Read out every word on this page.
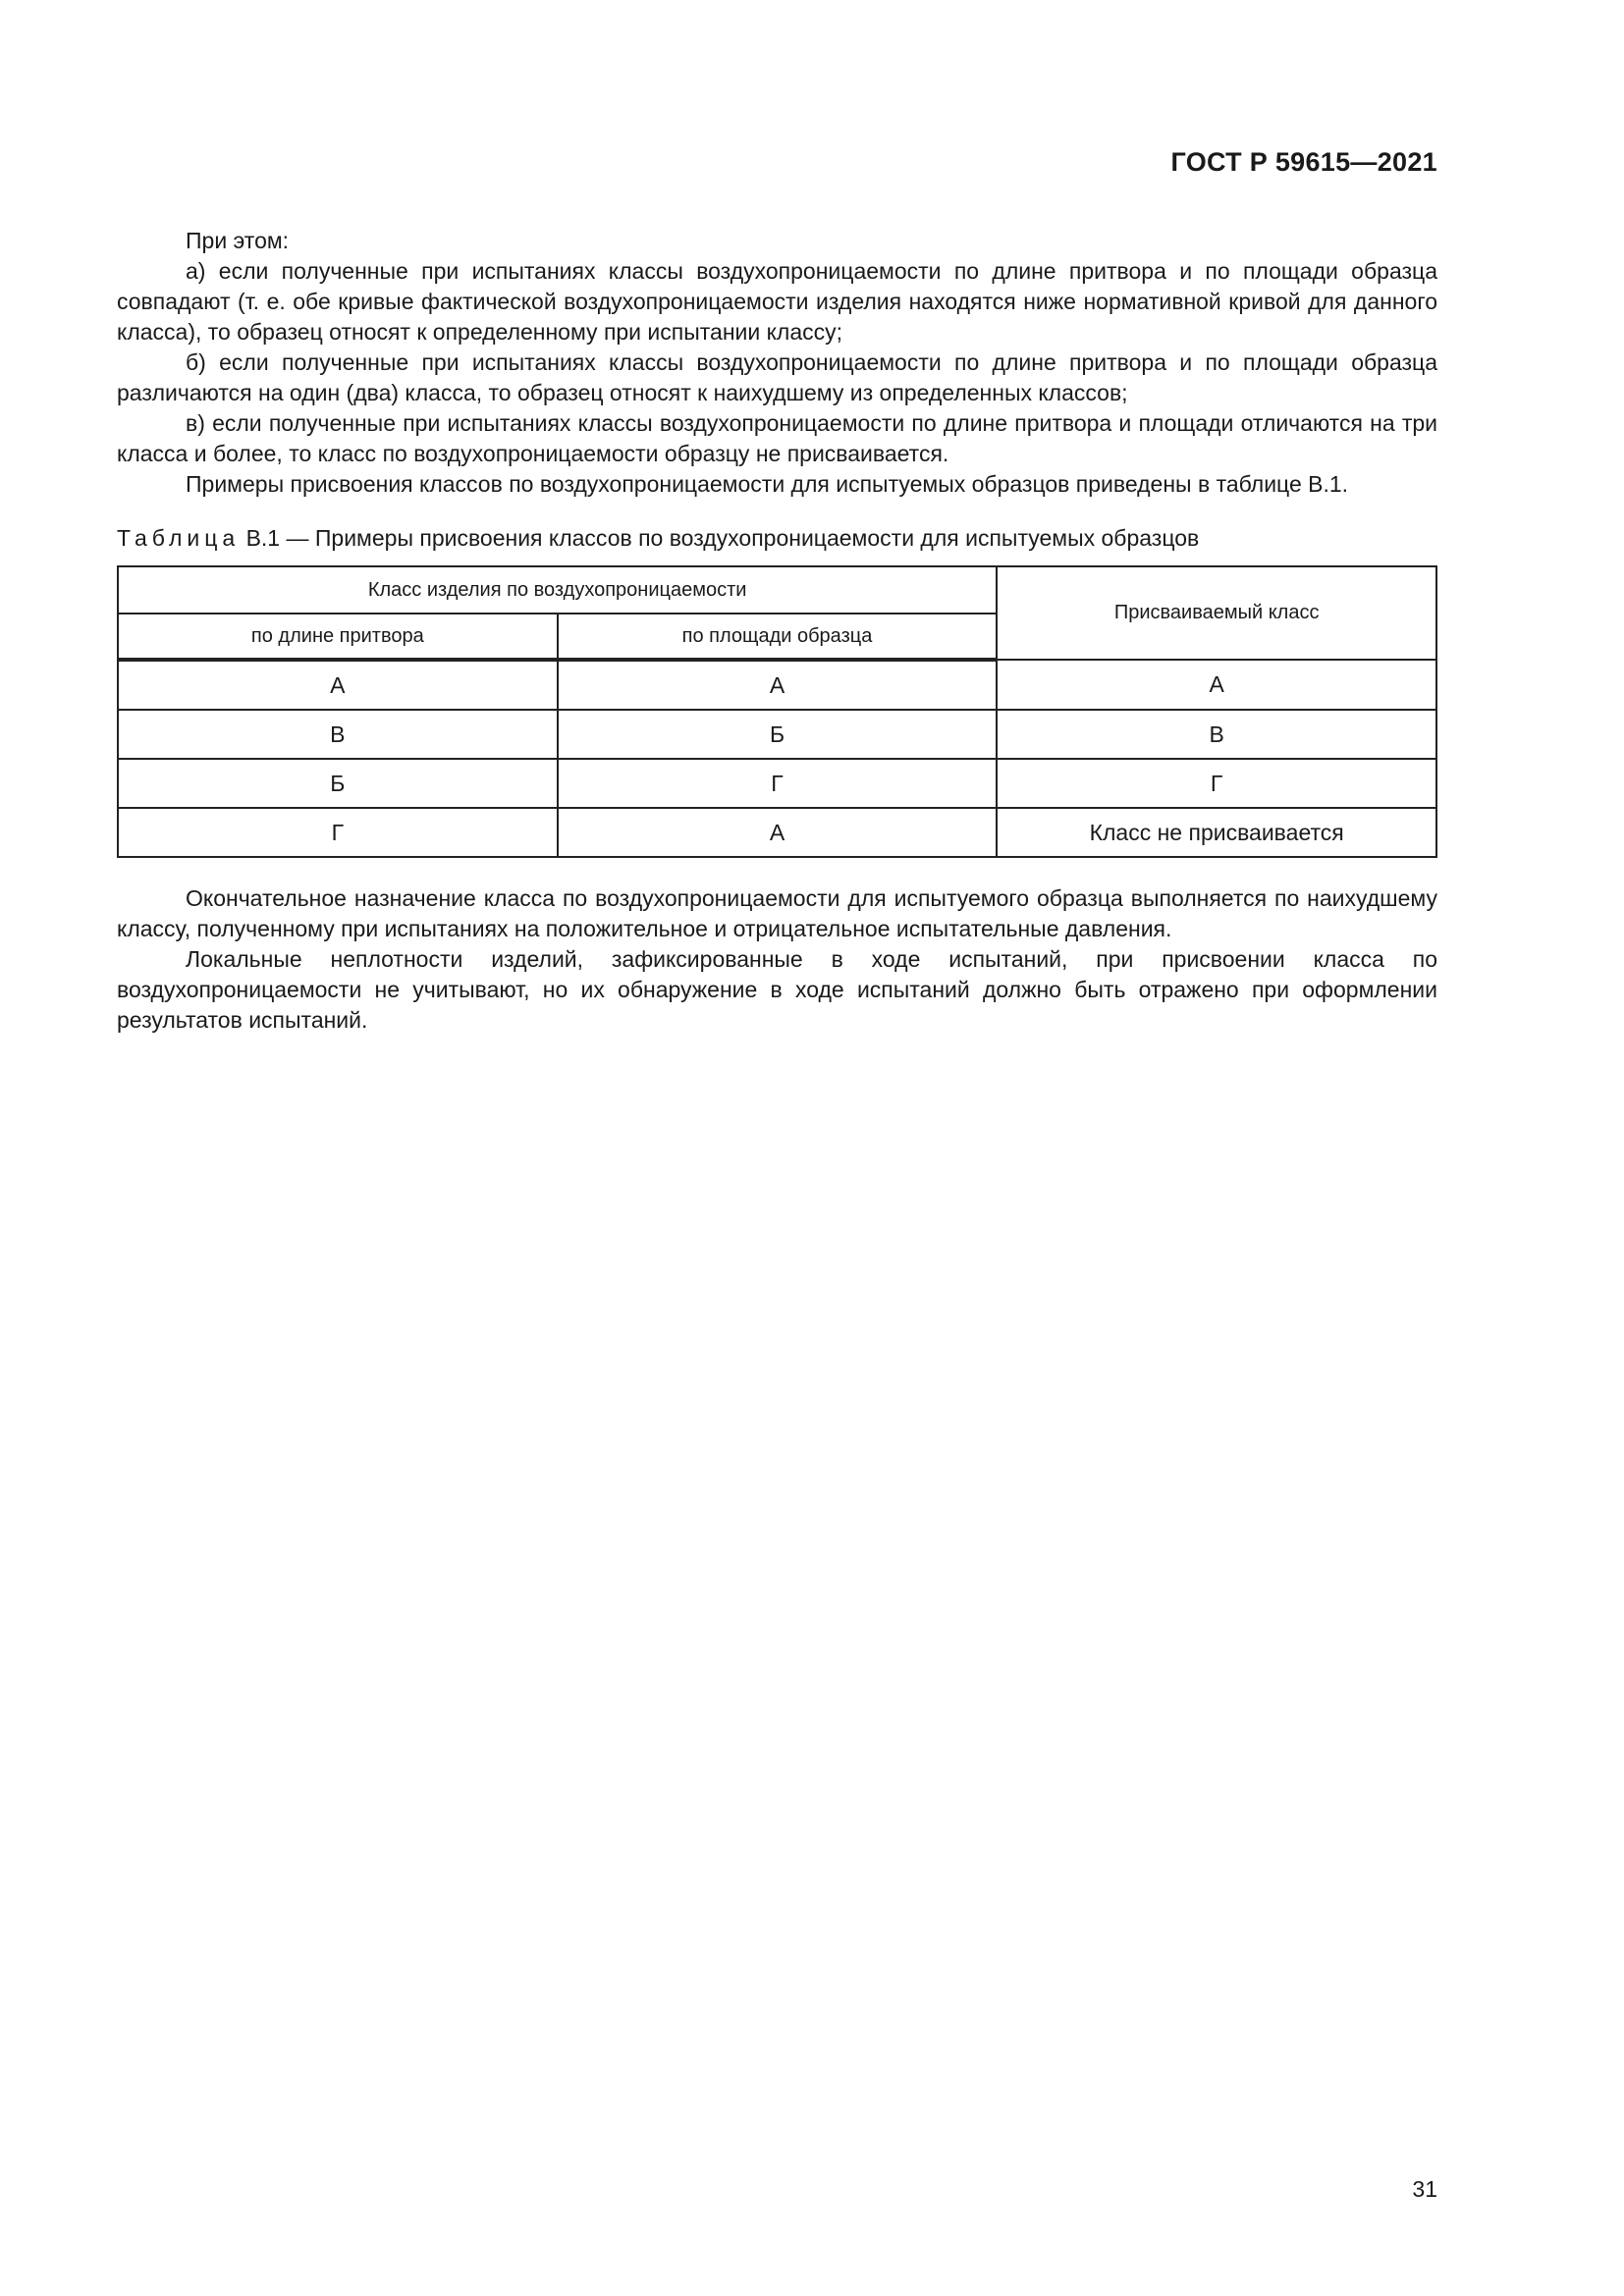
ГОСТ Р 59615—2021

При этом:

а) если полученные при испытаниях классы воздухопроницаемости по длине притвора и по площади образца совпадают (т. е. обе кривые фактической воздухопроницаемости изделия находятся ниже нормативной кривой для данного класса), то образец относят к определенному при испытании классу;

б) если полученные при испытаниях классы воздухопроницаемости по длине притвора и по площади образца различаются на один (два) класса, то образец относят к наихудшему из определенных классов;

в) если полученные при испытаниях классы воздухопроницаемости по длине притвора и площади отличаются на три класса и более, то класс по воздухопроницаемости образцу не присваивается.

Примеры присвоения классов по воздухопроницаемости для испытуемых образцов приведены в таблице В.1.

Таблица В.1 — Примеры присвоения классов по воздухопроницаемости для испытуемых образцов
Класс изделия по воздухопроницаемости		Присваиваемый класс
по длине притвора	по площади образца	
А	А	А
В	Б	В
Б	Г	Г
Г	А	Класс не присваивается

Окончательное назначение класса по воздухопроницаемости для испытуемого образца выполняется по наихудшему классу, полученному при испытаниях на положительное и отрицательное испытательные давления.

Локальные неплотности изделий, зафиксированные в ходе испытаний, при присвоении класса по воздухопроницаемости не учитывают, но их обнаружение в ходе испытаний должно быть отражено при оформлении результатов испытаний.

31
